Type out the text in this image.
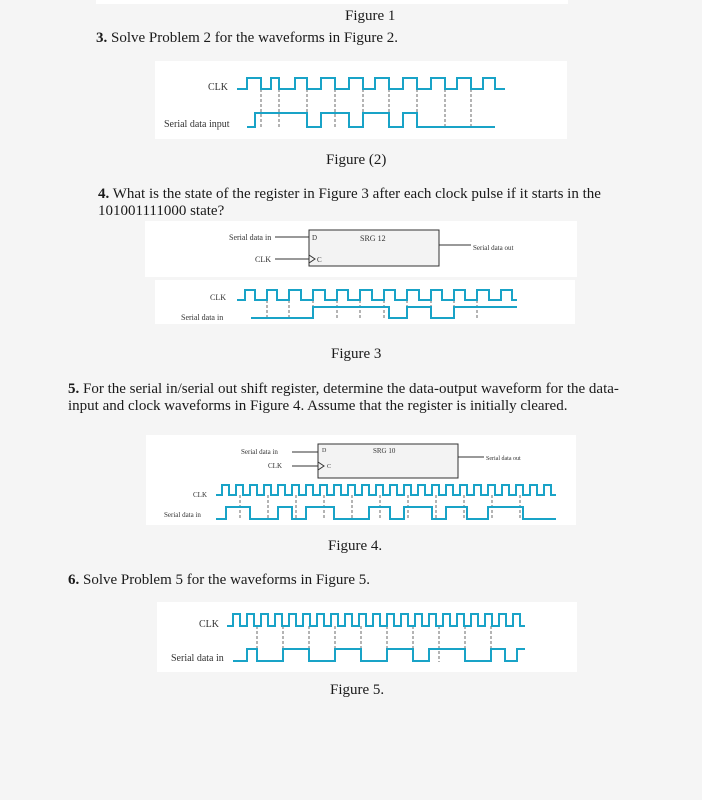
Figure 1
3. Solve Problem 2 for the waveforms in Figure 2.
CLK
Serial data input
Figure (2)
4. What is the state of the register in Figure 3 after each clock pulse if it starts in the 101001111000 state?
Serial data in
CLK
D
C
SRG 12
Serial data out
CLK
Serial data in
Figure 3
5. For the serial in/serial out shift register, determine the data-output waveform for the data-input and clock waveforms in Figure 4. Assume that the register is initially cleared.
Serial data in
CLK
D
C
SRG 10
Serial data out
CLK
Serial data in
Figure 4.
6. Solve Problem 5 for the waveforms in Figure 5.
CLK
Serial data in
Figure 5.
